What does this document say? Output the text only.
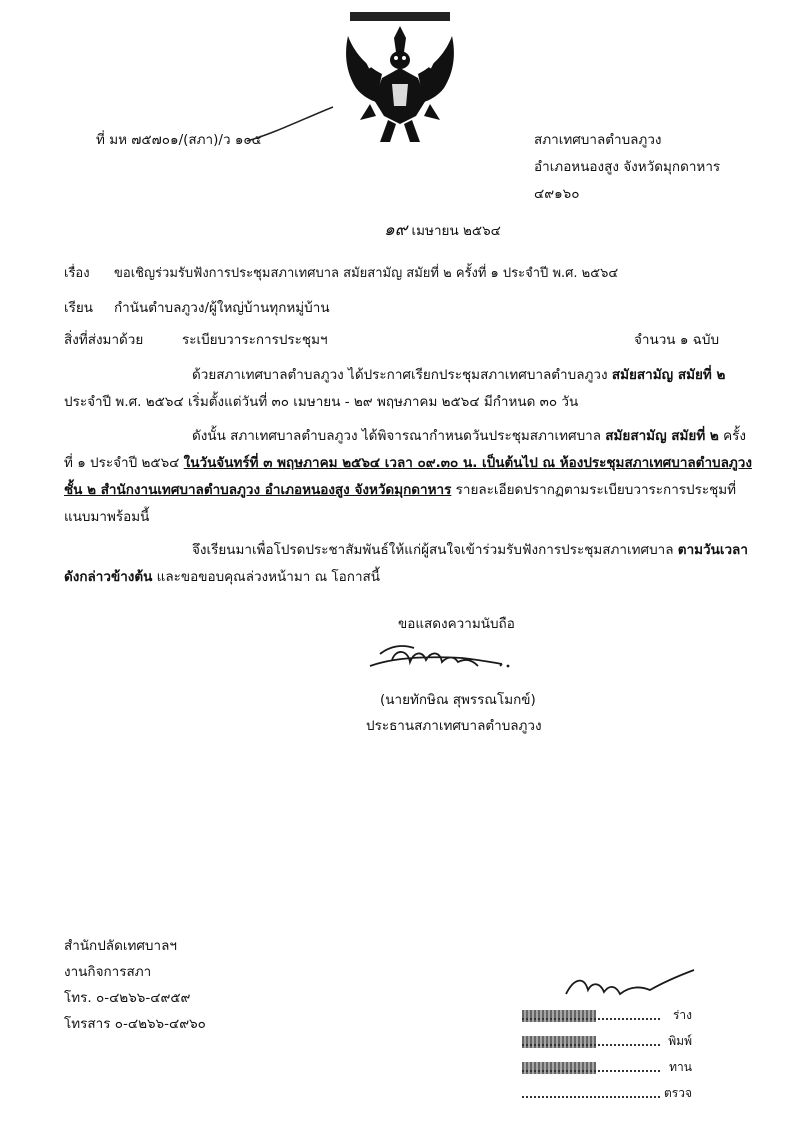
ที่ มห ๗๕๗๐๑/(สภา)/ว ๑๐๕	สภาเทศบาลตำบลภูวง
อำเภอหนองสูง จังหวัดมุกดาหาร
๔๙๑๖๐
๑๙ เมษายน ๒๕๖๔
เรื่อง ขอเชิญร่วมรับฟังการประชุมสภาเทศบาล สมัยสามัญ สมัยที่ ๒ ครั้งที่ ๑ ประจำปี พ.ศ. ๒๕๖๔
เรียน กำนันตำบลภูวง/ผู้ใหญ่บ้านทุกหมู่บ้าน
สิ่งที่ส่งมาด้วย	ระเบียบวาระการประชุมฯ	จำนวน ๑ ฉบับ
ด้วยสภาเทศบาลตำบลภูวง ได้ประกาศเรียกประชุมสภาเทศบาลตำบลภูวง สมัยสามัญ สมัยที่ ๒ ประจำปี พ.ศ. ๒๕๖๔ เริ่มตั้งแต่วันที่ ๓๐ เมษายน - ๒๙ พฤษภาคม ๒๕๖๔ มีกำหนด ๓๐ วัน
ดังนั้น สภาเทศบาลตำบลภูวง ได้พิจารณากำหนดวันประชุมสภาเทศบาล สมัยสามัญ สมัยที่ ๒ ครั้งที่ ๑ ประจำปี ๒๕๖๔ ในวันจันทร์ที่ ๓ พฤษภาคม ๒๕๖๔ เวลา ๐๙.๓๐ น. เป็นต้นไป ณ ห้องประชุมสภาเทศบาลตำบลภูวง ชั้น ๒ สำนักงานเทศบาลตำบลภูวง อำเภอหนองสูง จังหวัดมุกดาหาร รายละเอียดปรากฏตามระเบียบวาระการประชุมที่แนบมาพร้อมนี้
จึงเรียนมาเพื่อโปรดประชาสัมพันธ์ให้แก่ผู้สนใจเข้าร่วมรับฟังการประชุมสภาเทศบาล ตามวันเวลาดังกล่าวข้างต้น และขอขอบคุณล่วงหน้ามา ณ โอกาสนี้
ขอแสดงความนับถือ
(นายทักษิณ สุพรรณโมกข์)
ประธานสภาเทศบาลตำบลภูวง
สำนักปลัดเทศบาลฯ
งานกิจการสภา
โทร. ๐-๔๒๖๖-๔๙๕๙
โทรสาร ๐-๔๒๖๖-๔๙๖๐
ร่าง
พิมพ์
ทาน
ตรวจ
